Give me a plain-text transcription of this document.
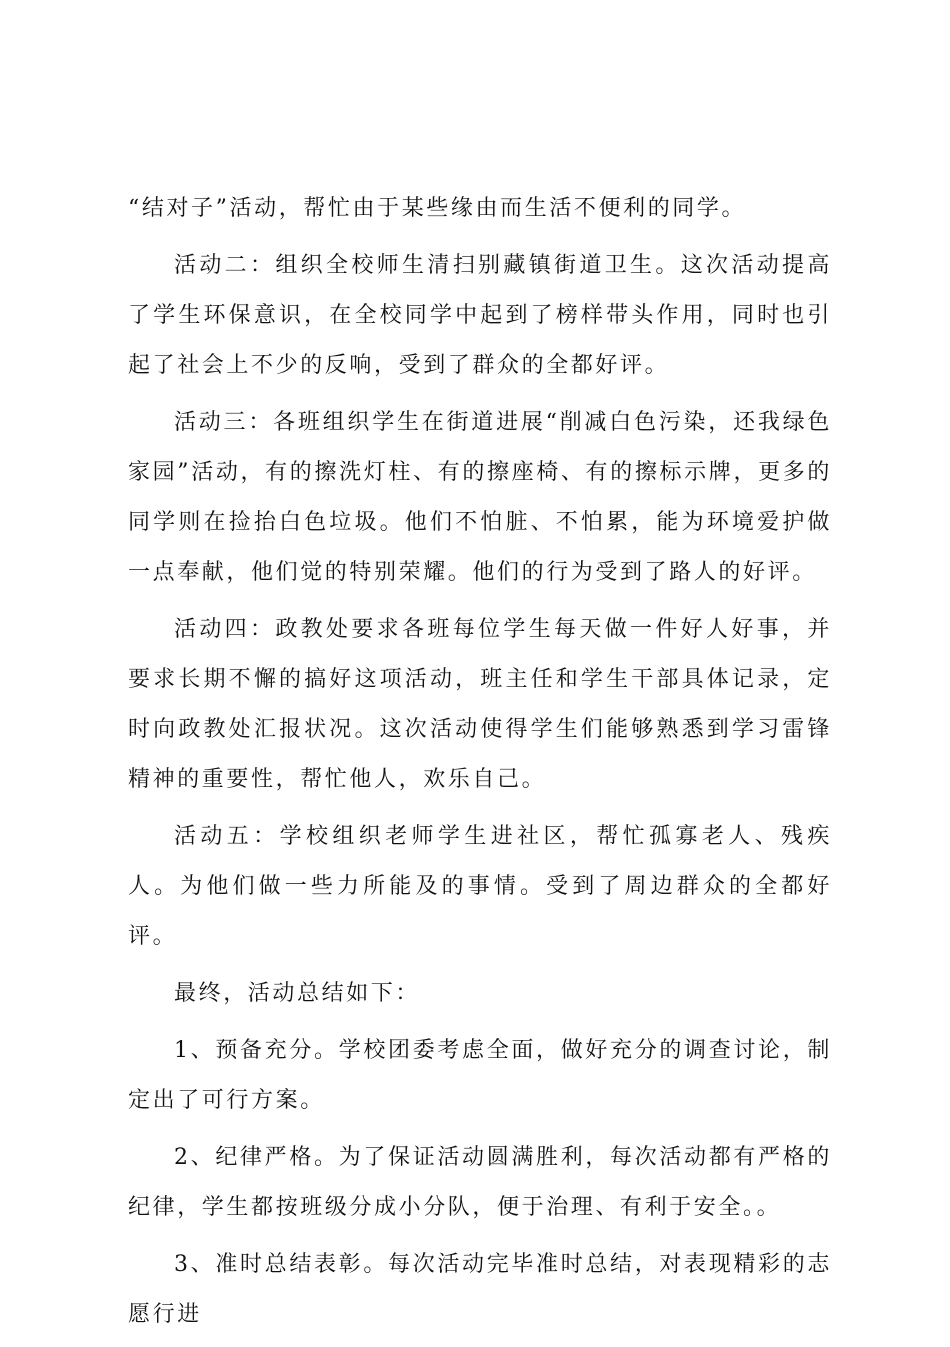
“结对子”活动，帮忙由于某些缘由而生活不便利的同学。

活动二：组织全校师生清扫别藏镇街道卫生。这次活动提高了学生环保意识，在全校同学中起到了榜样带头作用，同时也引起了社会上不少的反响，受到了群众的全都好评。

活动三：各班组织学生在街道进展“削减白色污染，还我绿色家园”活动，有的擦洗灯柱、有的擦座椅、有的擦标示牌，更多的同学则在捡抬白色垃圾。他们不怕脏、不怕累，能为环境爱护做一点奉献，他们觉的特别荣耀。他们的行为受到了路人的好评。

活动四：政教处要求各班每位学生每天做一件好人好事，并要求长期不懈的搞好这项活动，班主任和学生干部具体记录，定时向政教处汇报状况。这次活动使得学生们能够熟悉到学习雷锋精神的重要性，帮忙他人，欢乐自己。

活动五：学校组织老师学生进社区，帮忙孤寡老人、残疾人。为他们做一些力所能及的事情。受到了周边群众的全都好评。

最终，活动总结如下：

1、预备充分。学校团委考虑全面，做好充分的调查讨论，制定出了可行方案。

2、纪律严格。为了保证活动圆满胜利，每次活动都有严格的纪律，学生都按班级分成小分队，便于治理、有利于安全。。

3、准时总结表彰。每次活动完毕准时总结，对表现精彩的志愿行进
